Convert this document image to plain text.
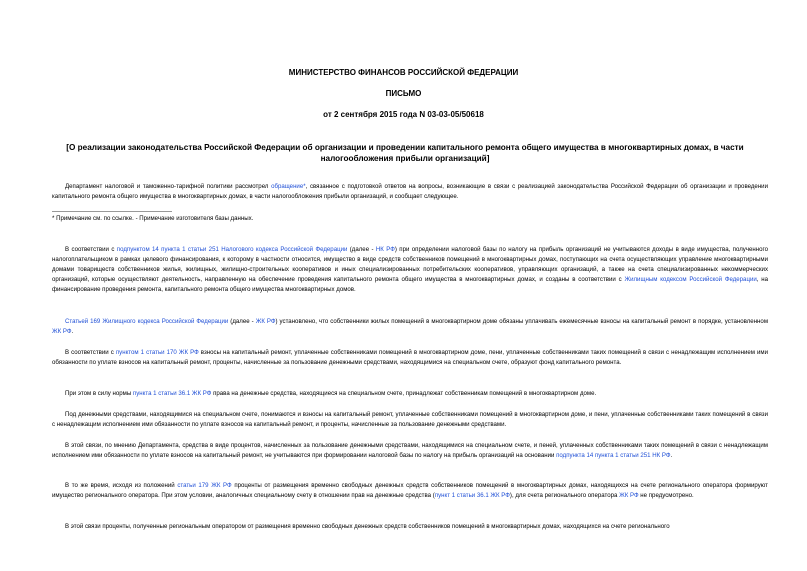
МИНИСТЕРСТВО ФИНАНСОВ РОССИЙСКОЙ ФЕДЕРАЦИИ
ПИСЬМО
от 2 сентября 2015 года N 03-03-05/50618
[О реализации законодательства Российской Федерации об организации и проведении капитального ремонта общего имущества в многоквартирных домах, в части налогообложения прибыли организаций]
Департамент налоговой и таможенно-тарифной политики рассмотрел обращение*, связанное с подготовкой ответов на вопросы, возникающие в связи с реализацией законодательства Российской Федерации об организации и проведении капитального ремонта общего имущества в многоквартирных домах, в части налогообложения прибыли организаций, и сообщает следующее.
* Примечание см. по ссылке. - Примечание изготовителя базы данных.
В соответствии с подпунктом 14 пункта 1 статьи 251 Налогового кодекса Российской Федерации (далее - НК РФ) при определении налоговой базы по налогу на прибыль организаций не учитываются доходы в виде имущества, полученного налогоплательщиком в рамках целевого финансирования, к которому в частности относится, имущество в виде средств собственников помещений в многоквартирных домах, поступающих на счета осуществляющих управление многоквартирными домами товариществ собственников жилья, жилищных, жилищно-строительных кооперативов и иных специализированных потребительских кооперативов, управляющих организаций, а также на счета специализированных некоммерческих организаций, которые осуществляют деятельность, направленную на обеспечение проведения капитального ремонта общего имущества в многоквартирных домах, и созданы в соответствии с Жилищным кодексом Российской Федерации, на финансирование проведения ремонта, капитального ремонта общего имущества многоквартирных домов.
Статьей 169 Жилищного кодекса Российской Федерации (далее - ЖК РФ) установлено, что собственники жилых помещений в многоквартирном доме обязаны уплачивать ежемесячные взносы на капитальный ремонт в порядке, установленном ЖК РФ.
В соответствии с пунктом 1 статьи 170 ЖК РФ взносы на капитальный ремонт, уплаченные собственниками помещений в многоквартирном доме, пени, уплаченные собственниками таких помещений в связи с ненадлежащим исполнением ими обязанности по уплате взносов на капитальный ремонт, проценты, начисленные за пользование денежными средствами, находящимися на специальном счете, образуют фонд капитального ремонта.
При этом в силу нормы пункта 1 статьи 36.1 ЖК РФ права на денежные средства, находящиеся на специальном счете, принадлежат собственникам помещений в многоквартирном доме.
Под денежными средствами, находящимися на специальном счете, понимаются и взносы на капитальный ремонт, уплаченные собственниками помещений в многоквартирном доме, и пени, уплаченные собственниками таких помещений в связи с ненадлежащим исполнением ими обязанности по уплате взносов на капитальный ремонт, и проценты, начисленные за пользование денежными средствами.
В этой связи, по мнению Департамента, средства в виде процентов, начисленных за пользование денежными средствами, находящимися на специальном счете, и пеней, уплаченных собственниками таких помещений в связи с ненадлежащим исполнением ими обязанности по уплате взносов на капитальный ремонт, не учитываются при формировании налоговой базы по налогу на прибыль организаций на основании подпункта 14 пункта 1 статьи 251 НК РФ.
В то же время, исходя из положений статьи 179 ЖК РФ проценты от размещения временно свободных денежных средств собственников помещений в многоквартирных домах, находящихся на счете регионального оператора формируют имущество регионального оператора. При этом условии, аналогичных специальному счету в отношении прав на денежные средства (пункт 1 статьи 36.1 ЖК РФ), для счета регионального оператора ЖК РФ не предусмотрено.
В этой связи проценты, полученные региональным оператором от размещения временно свободных денежных средств собственников помещений в многоквартирных домах, находящихся на счете регионального
